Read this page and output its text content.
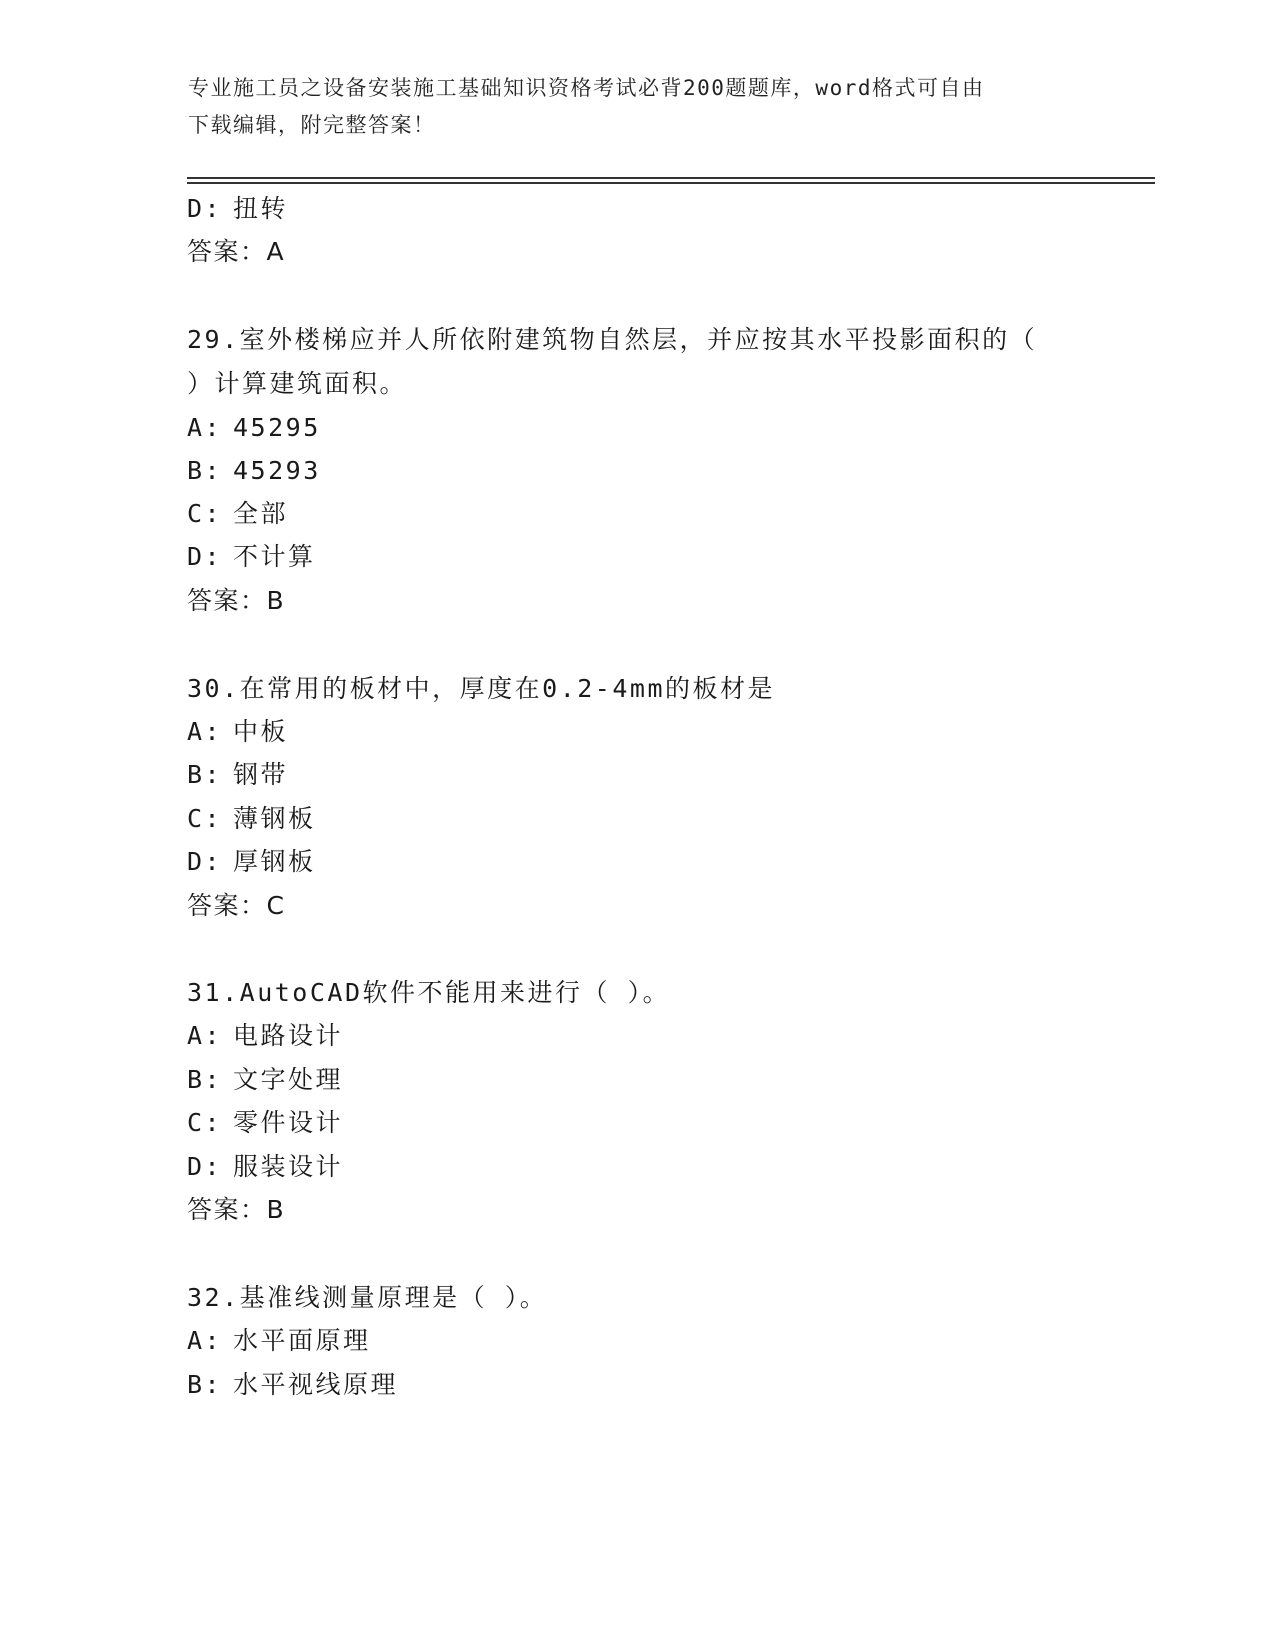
专业施工员之设备安装施工基础知识资格考试必背200题题库，word格式可自由
下载编辑，附完整答案！
D: 扭转
答案：A
29.室外楼梯应并人所依附建筑物自然层，并应按其水平投影面积的（
）计算建筑面积。
A: 45295
B: 45293
C: 全部
D: 不计算
答案：B
30.在常用的板材中，厚度在0.2-4mm的板材是
A: 中板
B: 钢带
C: 薄钢板
D: 厚钢板
答案：C
31.AutoCAD软件不能用来进行（ ）。
A: 电路设计
B: 文字处理
C: 零件设计
D: 服装设计
答案：B
32.基准线测量原理是（ ）。
A: 水平面原理
B: 水平视线原理
